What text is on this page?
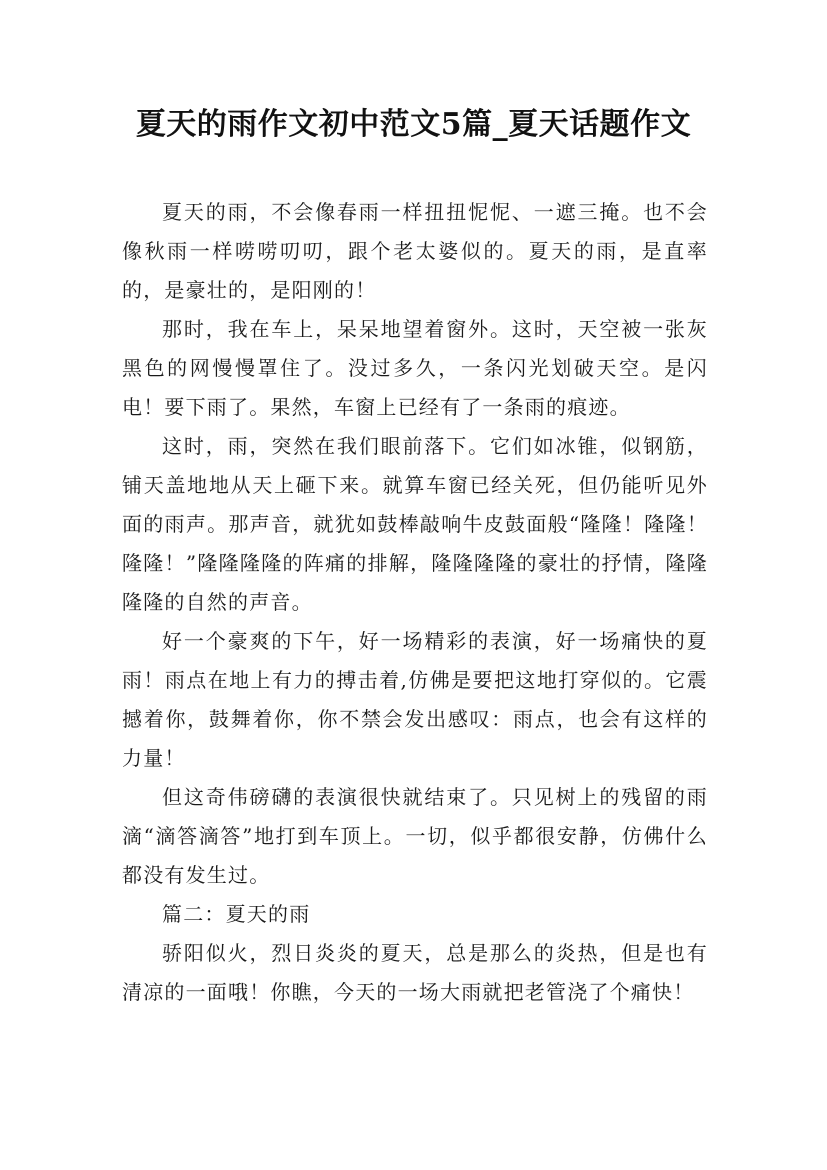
夏天的雨作文初中范文5篇_夏天话题作文

夏天的雨，不会像春雨一样扭扭怩怩、一遮三掩。也不会像秋雨一样唠唠叨叨，跟个老太婆似的。夏天的雨，是直率的，是豪壮的，是阳刚的！

那时，我在车上，呆呆地望着窗外。这时，天空被一张灰黑色的网慢慢罩住了。没过多久，一条闪光划破天空。是闪电！要下雨了。果然，车窗上已经有了一条雨的痕迹。

这时，雨，突然在我们眼前落下。它们如冰锥，似钢筋，铺天盖地地从天上砸下来。就算车窗已经关死，但仍能听见外面的雨声。那声音，就犹如鼓棒敲响牛皮鼓面般“隆隆！隆隆！隆隆！”隆隆隆隆的阵痛的排解，隆隆隆隆的豪壮的抒情，隆隆隆隆的自然的声音。

好一个豪爽的下午，好一场精彩的表演，好一场痛快的夏雨！雨点在地上有力的搏击着,仿佛是要把这地打穿似的。它震撼着你，鼓舞着你，你不禁会发出感叹：雨点，也会有这样的力量！

但这奇伟磅礴的表演很快就结束了。只见树上的残留的雨滴“滴答滴答”地打到车顶上。一切，似乎都很安静，仿佛什么都没有发生过。

篇二：夏天的雨

骄阳似火，烈日炎炎的夏天，总是那么的炎热，但是也有清凉的一面哦！你瞧，今天的一场大雨就把老管浇了个痛快！
